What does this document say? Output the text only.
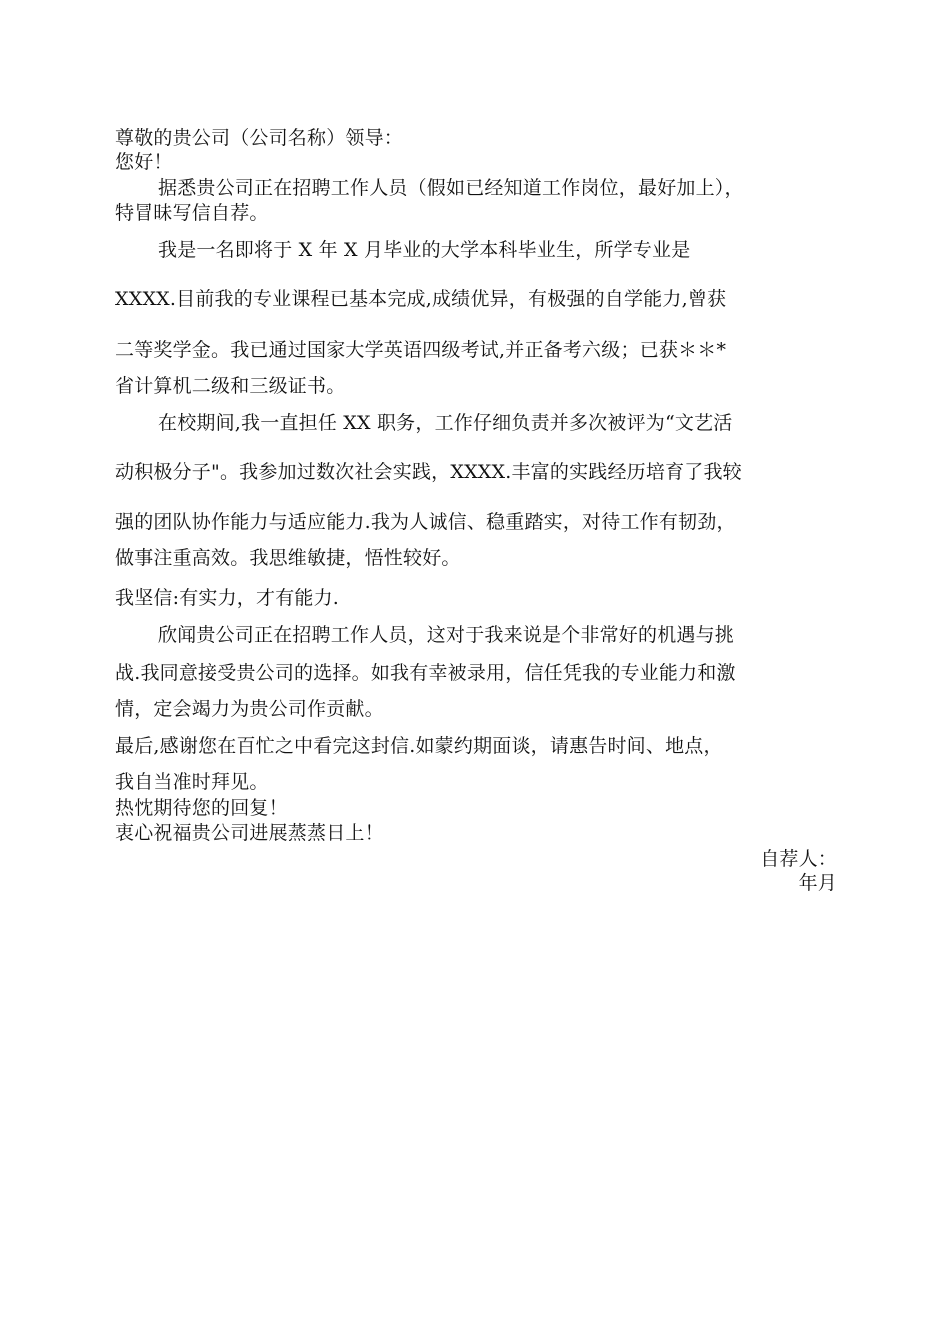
尊敬的贵公司（公司名称）领导：
您好！
据悉贵公司正在招聘工作人员（假如已经知道工作岗位，最好加上），
特冒昧写信自荐。
我是一名即将于 X 年 X 月毕业的大学本科毕业生，所学专业是
XXXX.目前我的专业课程已基本完成,成绩优异，有极强的自学能力,曾获
二等奖学金。我已通过国家大学英语四级考试,并正备考六级；已获＊＊*
省计算机二级和三级证书。
在校期间,我一直担任 XX 职务，工作仔细负责并多次被评为“文艺活
动积极分子"。我参加过数次社会实践，XXXX.丰富的实践经历培育了我较
强的团队协作能力与适应能力.我为人诚信、稳重踏实，对待工作有韧劲，
做事注重高效。我思维敏捷，悟性较好。
我坚信:有实力，才有能力.
欣闻贵公司正在招聘工作人员，这对于我来说是个非常好的机遇与挑
战.我同意接受贵公司的选择。如我有幸被录用，信任凭我的专业能力和激
情，定会竭力为贵公司作贡献。
最后,感谢您在百忙之中看完这封信.如蒙约期面谈，请惠告时间、地点，
我自当准时拜见。
热忱期待您的回复！
衷心祝福贵公司进展蒸蒸日上！
自荐人：
年月
